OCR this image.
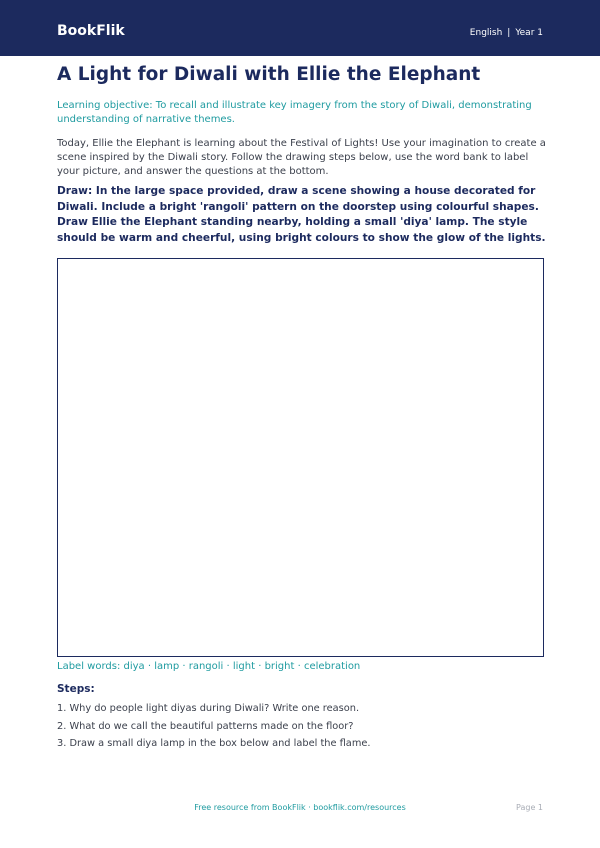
BookFlik	English | Year 1
A Light for Diwali with Ellie the Elephant
Learning objective: To recall and illustrate key imagery from the story of Diwali, demonstrating understanding of narrative themes.
Today, Ellie the Elephant is learning about the Festival of Lights! Use your imagination to create a scene inspired by the Diwali story. Follow the drawing steps below, use the word bank to label your picture, and answer the questions at the bottom.
Draw: In the large space provided, draw a scene showing a house decorated for Diwali. Include a bright 'rangoli' pattern on the doorstep using colourful shapes. Draw Ellie the Elephant standing nearby, holding a small 'diya' lamp. The style should be warm and cheerful, using bright colours to show the glow of the lights.
Label words: diya · lamp · rangoli · light · bright · celebration
Steps:
1. Why do people light diyas during Diwali? Write one reason.
2. What do we call the beautiful patterns made on the floor?
3. Draw a small diya lamp in the box below and label the flame.
Free resource from BookFlik · bookflik.com/resources	Page 1
